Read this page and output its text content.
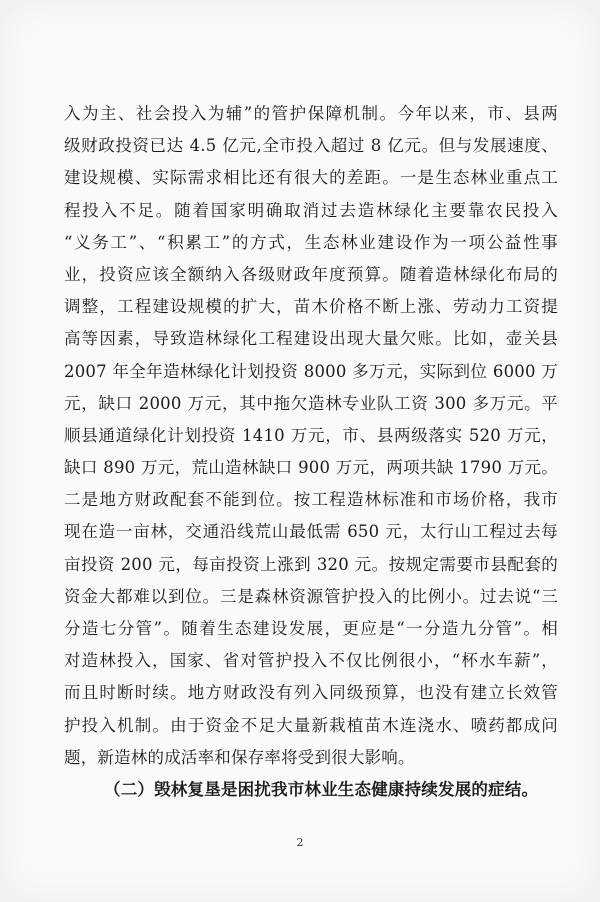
入为主、社会投入为辅”的管护保障机制。今年以来，市、县两
级财政投资已达 4.5 亿元,全市投入超过 8 亿元。但与发展速度、
建设规模、实际需求相比还有很大的差距。一是生态林业重点工
程投入不足。随着国家明确取消过去造林绿化主要靠农民投入
“义务工”、“积累工”的方式，生态林业建设作为一项公益性事
业，投资应该全额纳入各级财政年度预算。随着造林绿化布局的
调整，工程建设规模的扩大，苗木价格不断上涨、劳动力工资提
高等因素，导致造林绿化工程建设出现大量欠账。比如，壶关县
2007 年全年造林绿化计划投资 8000 多万元，实际到位 6000 万
元，缺口 2000 万元，其中拖欠造林专业队工资 300 多万元。平
顺县通道绿化计划投资 1410 万元，市、县两级落实 520 万元，
缺口 890 万元，荒山造林缺口 900 万元，两项共缺 1790 万元。
二是地方财政配套不能到位。按工程造林标准和市场价格，我市
现在造一亩林，交通沿线荒山最低需 650 元，太行山工程过去每
亩投资 200 元，每亩投资上涨到 320 元。按规定需要市县配套的
资金大都难以到位。三是森林资源管护投入的比例小。过去说“三
分造七分管”。随着生态建设发展，更应是“一分造九分管”。相
对造林投入，国家、省对管护投入不仅比例很小，“杯水车薪”，
而且时断时续。地方财政没有列入同级预算，也没有建立长效管
护投入机制。由于资金不足大量新栽植苗木连浇水、喷药都成问
题，新造林的成活率和保存率将受到很大影响。
（二）毁林复垦是困扰我市林业生态健康持续发展的症结。
2
